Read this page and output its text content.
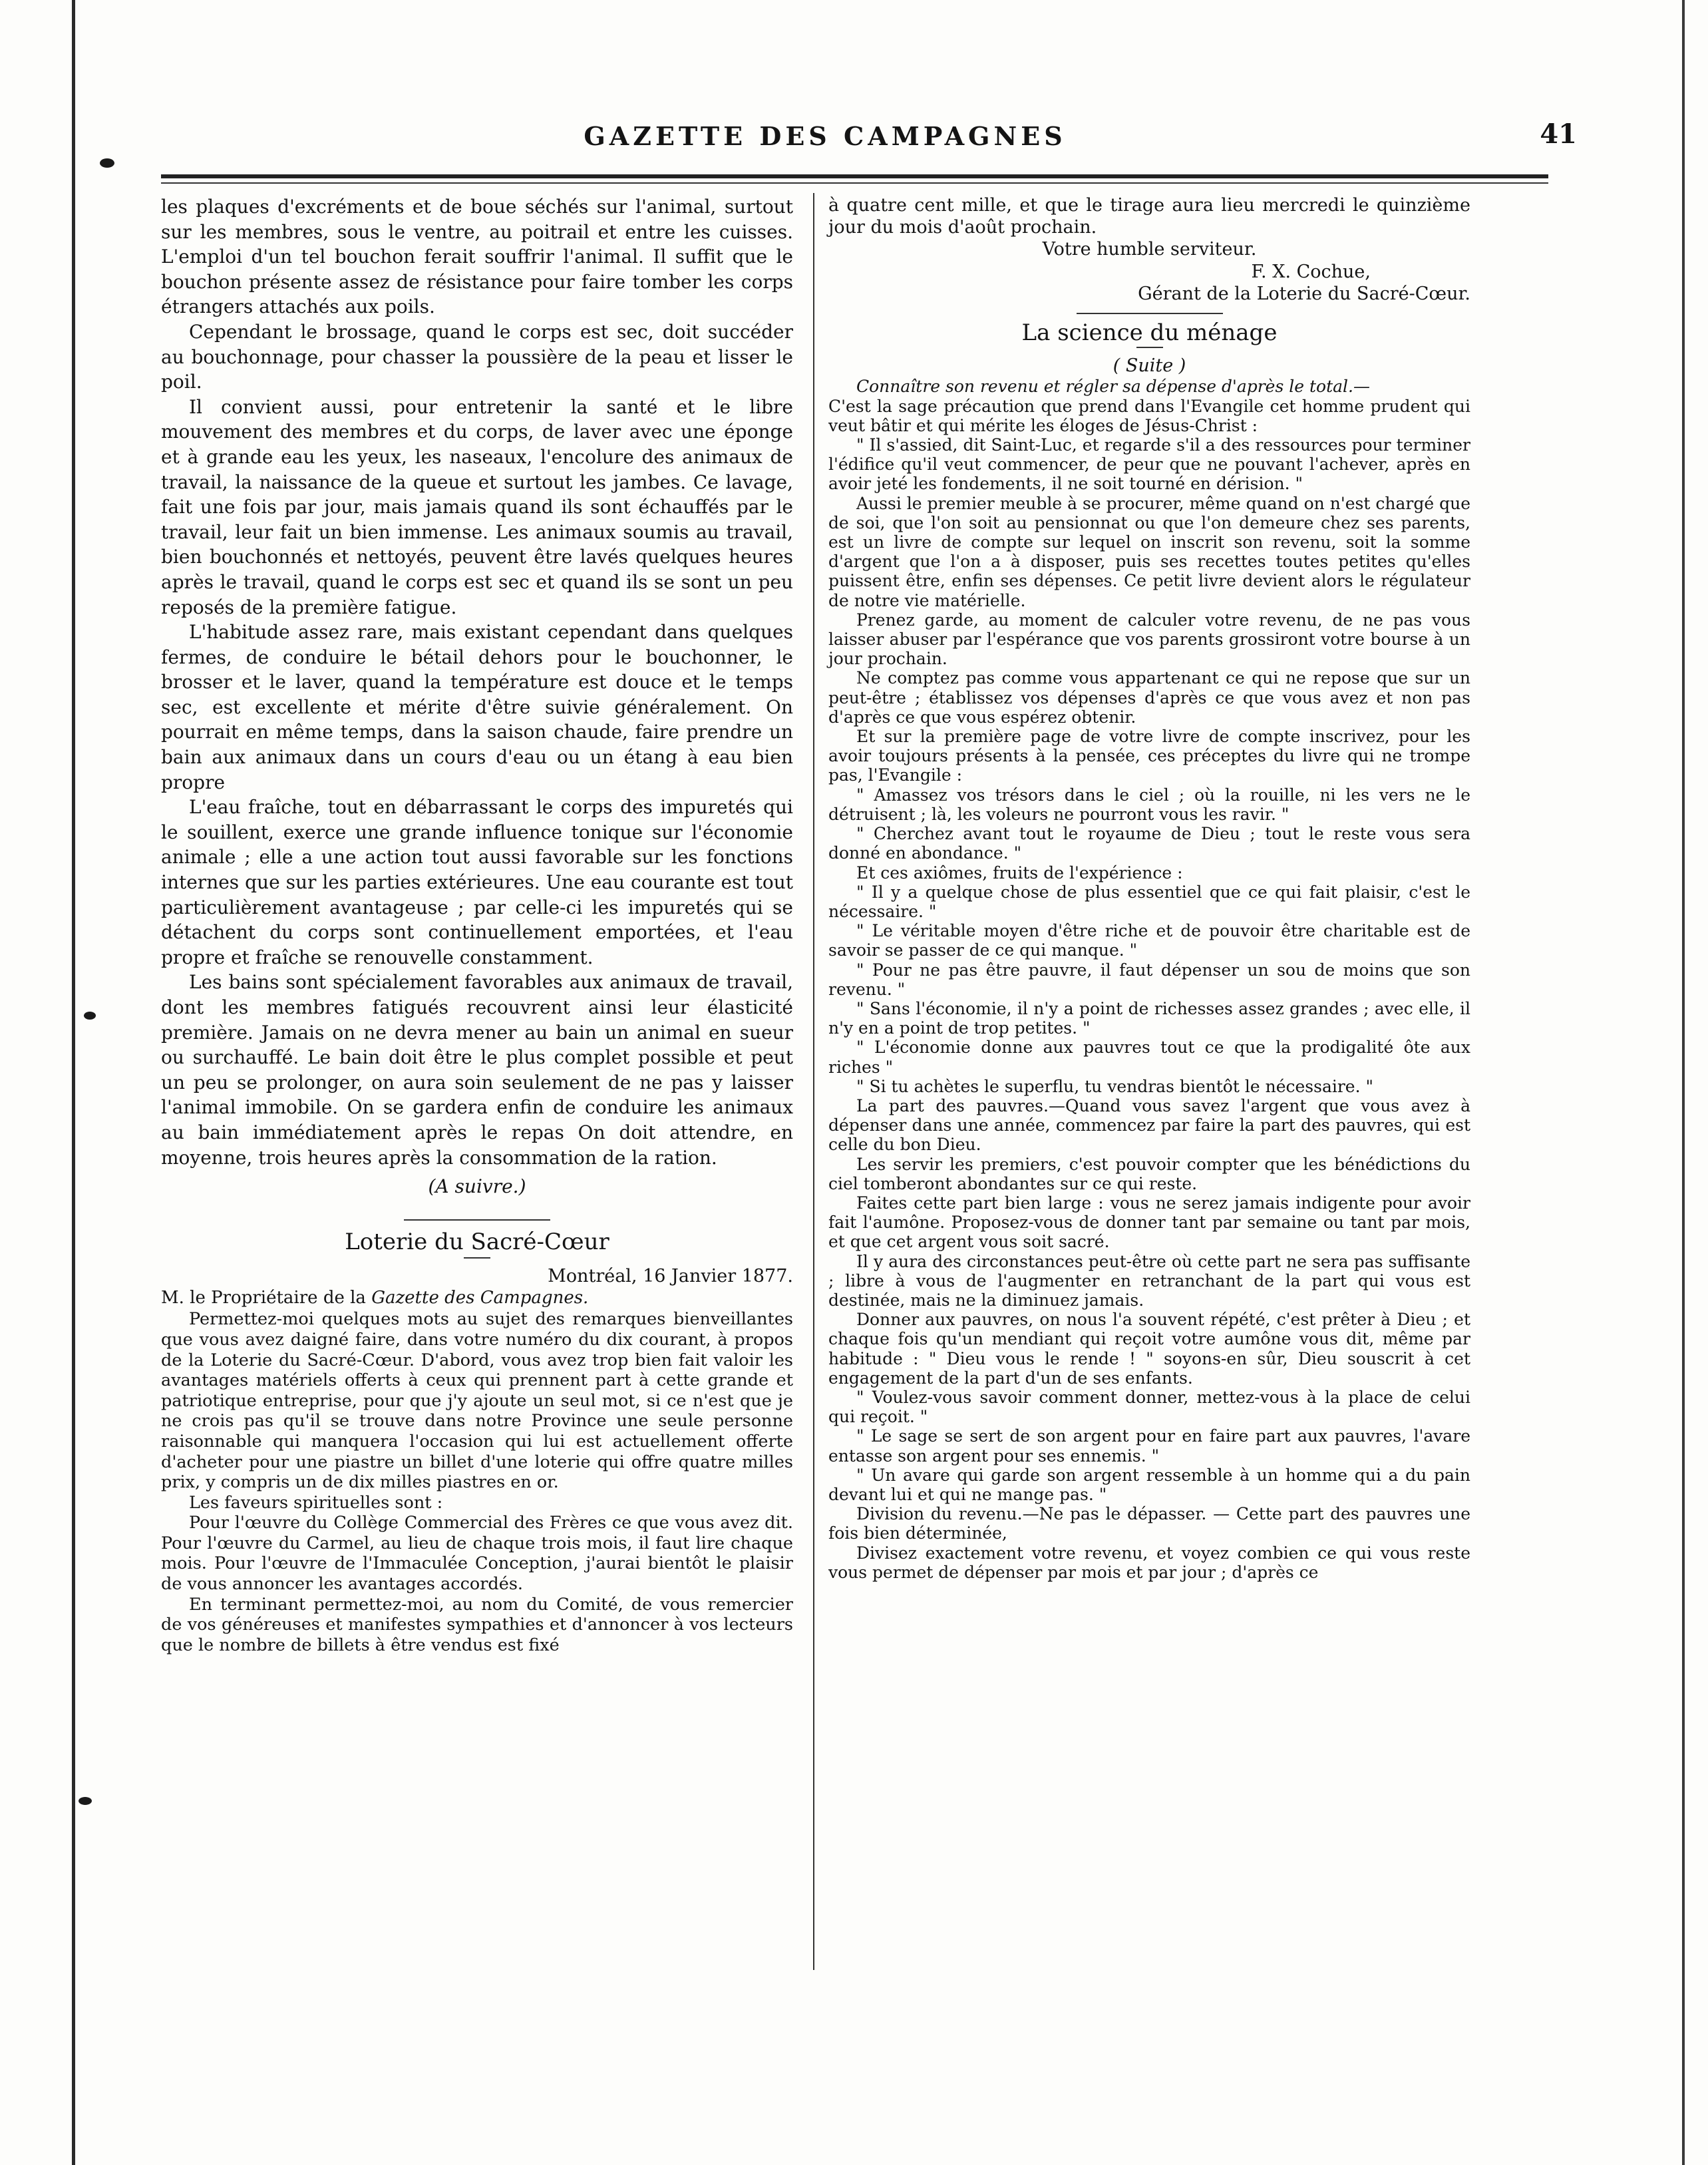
GAZETTE DES CAMPAGNES	41

les plaques d'excréments et de boue séchés sur l'animal, surtout sur les membres, sous le ventre, au poitrail et entre les cuisses. L'emploi d'un tel bouchon ferait souffrir l'animal. Il suffit que le bouchon présente assez de résistance pour faire tomber les corps étrangers attachés aux poils.

Cependant le brossage, quand le corps est sec, doit succéder au bouchonnage, pour chasser la poussière de la peau et lisser le poil.

Il convient aussi, pour entretenir la santé et le libre mouvement des membres et du corps, de laver avec une éponge et à grande eau les yeux, les naseaux, l'encolure des animaux de travail, la naissance de la queue et surtout les jambes. Ce lavage, fait une fois par jour, mais jamais quand ils sont échauffés par le travail, leur fait un bien immense. Les animaux soumis au travail, bien bouchonnés et nettoyés, peuvent être lavés quelques heures après le travail, quand le corps est sec et quand ils se sont un peu reposés de la première fatigue.

L'habitude assez rare, mais existant cependant dans quelques fermes, de conduire le bétail dehors pour le bouchonner, le brosser et le laver, quand la température est douce et le temps sec, est excellente et mérite d'être suivie généralement. On pourrait en même temps, dans la saison chaude, faire prendre un bain aux animaux dans un cours d'eau ou un étang à eau bien propre

L'eau fraîche, tout en débarrassant le corps des impuretés qui le souillent, exerce une grande influence tonique sur l'économie animale ; elle a une action tout aussi favorable sur les fonctions internes que sur les parties extérieures. Une eau courante est tout particulièrement avantageuse ; par celle-ci les impuretés qui se détachent du corps sont continuellement emportées, et l'eau propre et fraîche se renouvelle constamment.

Les bains sont spécialement favorables aux animaux de travail, dont les membres fatigués recouvrent ainsi leur élasticité première. Jamais on ne devra mener au bain un animal en sueur ou surchauffé. Le bain doit être le plus complet possible et peut un peu se prolonger, on aura soin seulement de ne pas y laisser l'animal immobile. On se gardera enfin de conduire les animaux au bain immédiatement après le repas On doit attendre, en moyenne, trois heures après la consommation de la ration.

(A suivre.)
Loterie du Sacré-Cœur
Montréal, 16 Janvier 1877.
M. le Propriétaire de la Gazette des Campagnes.

Permettez-moi quelques mots au sujet des remarques bienveillantes que vous avez daigné faire, dans votre numéro du dix courant, à propos de la Loterie du Sacré-Cœur. D'abord, vous avez trop bien fait valoir les avantages matériels offerts à ceux qui prennent part à cette grande et patriotique entreprise, pour que j'y ajoute un seul mot, si ce n'est que je ne crois pas qu'il se trouve dans notre Province une seule personne raisonnable qui manquera l'occasion qui lui est actuellement offerte d'acheter pour une piastre un billet d'une loterie qui offre quatre milles prix, y compris un de dix milles piastres en or.

Les faveurs spirituelles sont :

Pour l'œuvre du Collège Commercial des Frères ce que vous avez dit. Pour l'œuvre du Carmel, au lieu de chaque trois mois, il faut lire chaque mois. Pour l'œuvre de l'Immaculée Conception, j'aurai bientôt le plaisir de vous annoncer les avantages accordés.

En terminant permettez-moi, au nom du Comité, de vous remercier de vos généreuses et manifestes sympathies et d'annoncer à vos lecteurs que le nombre de billets à être vendus est fixé

à quatre cent mille, et que le tirage aura lieu mercredi le quinzième jour du mois d'août prochain.

Votre humble serviteur.
F. X. Cochue,
Gérant de la Loterie du Sacré-Cœur.
La science du ménage
( Suite )

Connaître son revenu et régler sa dépense d'après le total.—

C'est la sage précaution que prend dans l'Evangile cet homme prudent qui veut bâtir et qui mérite les éloges de Jésus-Christ :

" Il s'assied, dit Saint-Luc, et regarde s'il a des ressources pour terminer l'édifice qu'il veut commencer, de peur que ne pouvant l'achever, après en avoir jeté les fondements, il ne soit tourné en dérision. "

Aussi le premier meuble à se procurer, même quand on n'est chargé que de soi, que l'on soit au pensionnat ou que l'on demeure chez ses parents, est un livre de compte sur lequel on inscrit son revenu, soit la somme d'argent que l'on a à disposer, puis ses recettes toutes petites qu'elles puissent être, enfin ses dépenses. Ce petit livre devient alors le régulateur de notre vie matérielle.

Prenez garde, au moment de calculer votre revenu, de ne pas vous laisser abuser par l'espérance que vos parents grossiront votre bourse à un jour prochain.

Ne comptez pas comme vous appartenant ce qui ne repose que sur un peut-être ; établissez vos dépenses d'après ce que vous avez et non pas d'après ce que vous espérez obtenir.

Et sur la première page de votre livre de compte inscrivez, pour les avoir toujours présents à la pensée, ces préceptes du livre qui ne trompe pas, l'Evangile :

" Amassez vos trésors dans le ciel ; où la rouille, ni les vers ne le détruisent ; là, les voleurs ne pourront vous les ravir. "

" Cherchez avant tout le royaume de Dieu ; tout le reste vous sera donné en abondance. "

Et ces axiômes, fruits de l'expérience :

" Il y a quelque chose de plus essentiel que ce qui fait plaisir, c'est le nécessaire. "

" Le véritable moyen d'être riche et de pouvoir être charitable est de savoir se passer de ce qui manque. "

" Pour ne pas être pauvre, il faut dépenser un sou de moins que son revenu. "

" Sans l'économie, il n'y a point de richesses assez grandes ; avec elle, il n'y en a point de trop petites. "

" L'économie donne aux pauvres tout ce que la prodigalité ôte aux riches "

" Si tu achètes le superflu, tu vendras bientôt le nécessaire. "

La part des pauvres.—Quand vous savez l'argent que vous avez à dépenser dans une année, commencez par faire la part des pauvres, qui est celle du bon Dieu.

Les servir les premiers, c'est pouvoir compter que les bénédictions du ciel tomberont abondantes sur ce qui reste.

Faites cette part bien large : vous ne serez jamais indigente pour avoir fait l'aumône. Proposez-vous de donner tant par semaine ou tant par mois, et que cet argent vous soit sacré.

Il y aura des circonstances peut-être où cette part ne sera pas suffisante ; libre à vous de l'augmenter en retranchant de la part qui vous est destinée, mais ne la diminuez jamais.

Donner aux pauvres, on nous l'a souvent répété, c'est prêter à Dieu ; et chaque fois qu'un mendiant qui reçoit votre aumône vous dit, même par habitude : " Dieu vous le rende ! " soyons-en sûr, Dieu souscrit à cet engagement de la part d'un de ses enfants.

" Voulez-vous savoir comment donner, mettez-vous à la place de celui qui reçoit. "

" Le sage se sert de son argent pour en faire part aux pauvres, l'avare entasse son argent pour ses ennemis. "

" Un avare qui garde son argent ressemble à un homme qui a du pain devant lui et qui ne mange pas. "

Division du revenu.—Ne pas le dépasser. — Cette part des pauvres une fois bien déterminée,

Divisez exactement votre revenu, et voyez combien ce qui vous reste vous permet de dépenser par mois et par jour ; d'après ce
